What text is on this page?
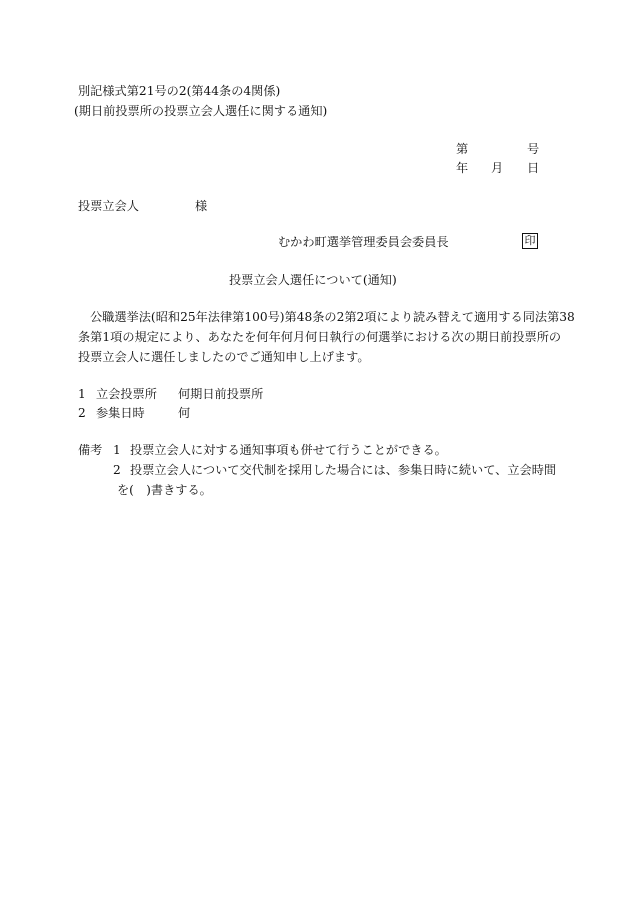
別記様式第21号の2(第44条の4関係)
(期日前投票所の投票立会人選任に関する通知)
第	号
年 月 日
投票立会人	様
むかわ町選挙管理委員会委員長	印
投票立会人選任について(通知)
公職選挙法(昭和25年法律第100号)第48条の2第2項により読み替えて適用する同法第38
条第1項の規定により、あなたを何年何月何日執行の何選挙における次の期日前投票所の
投票立会人に選任しましたのでご通知申し上げます。
1 立会投票所 何期日前投票所
2 参集日時	何
備考 1 投票立会人に対する通知事項も併せて行うことができる。
2 投票立会人について交代制を採用した場合には、参集日時に続いて、立会時間
を(　)書きする。
